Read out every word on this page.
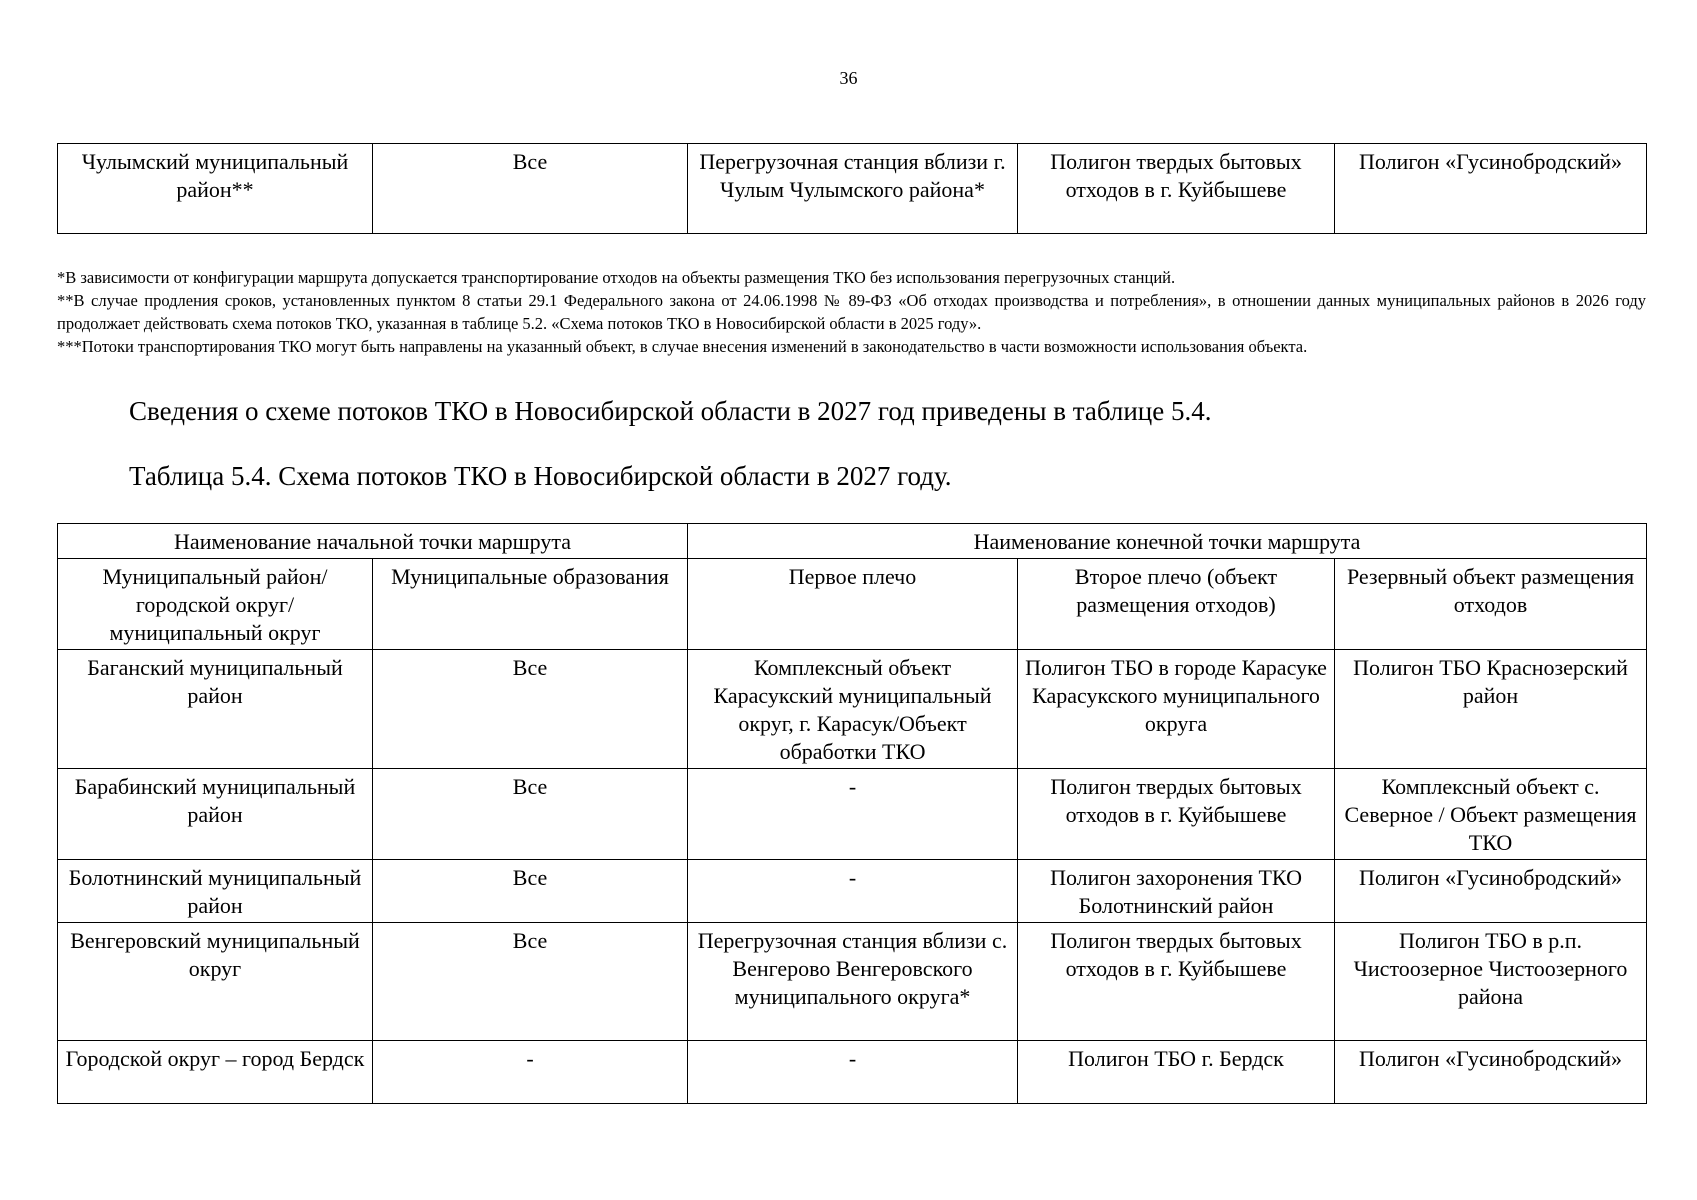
36
Чулымский муниципальный район**	Все	Перегрузочная станция вблизи г. Чулым Чулымского района*	Полигон твердых бытовых отходов в г. Куйбышеве	Полигон «Гусинобродский»

*В зависимости от конфигурации маршрута допускается транспортирование отходов на объекты размещения ТКО без использования перегрузочных станций.

**В случае продления сроков, установленных пунктом 8 статьи 29.1 Федерального закона от 24.06.1998 № 89-ФЗ «Об отходах производства и потребления», в отношении данных муниципальных районов в 2026 году продолжает действовать схема потоков ТКО, указанная в таблице 5.2. «Схема потоков ТКО в Новосибирской области в 2025 году».

***Потоки транспортирования ТКО могут быть направлены на указанный объект, в случае внесения изменений в законодательство в части возможности использования объекта.

Сведения о схеме потоков ТКО в Новосибирской области в 2027 год приведены в таблице 5.4.
Таблица 5.4. Схема потоков ТКО в Новосибирской области в 2027 году.
Наименование начальной точки маршрута		Наименование конечной точки маршрута		
Муниципальный район/городской округ/муниципальный округ	Муниципальные образования	Первое плечо	Второе плечо (объект размещения отходов)	Резервный объект размещения отходов
Баганский муниципальный район	Все	Комплексный объект Карасукский муниципальный округ, г. Карасук/Объект обработки ТКО	Полигон ТБО в городе Карасуке Карасукского муниципального округа	Полигон ТБО Краснозерский район
Барабинский муниципальный район	Все	-	Полигон твердых бытовых отходов в г. Куйбышеве	Комплексный объект с. Северное / Объект размещения ТКО
Болотнинский муниципальный район	Все	-	Полигон захоронения ТКО Болотнинский район	Полигон «Гусинобродский»
Венгеровский муниципальный округ	Все	Перегрузочная станция вблизи с. Венгерово Венгеровского муниципального округа*	Полигон твердых бытовых отходов в г. Куйбышеве	Полигон ТБО в р.п. Чистоозерное Чистоозерного района
Городской округ – город Бердск	-	-	Полигон ТБО г. Бердск	Полигон «Гусинобродский»
